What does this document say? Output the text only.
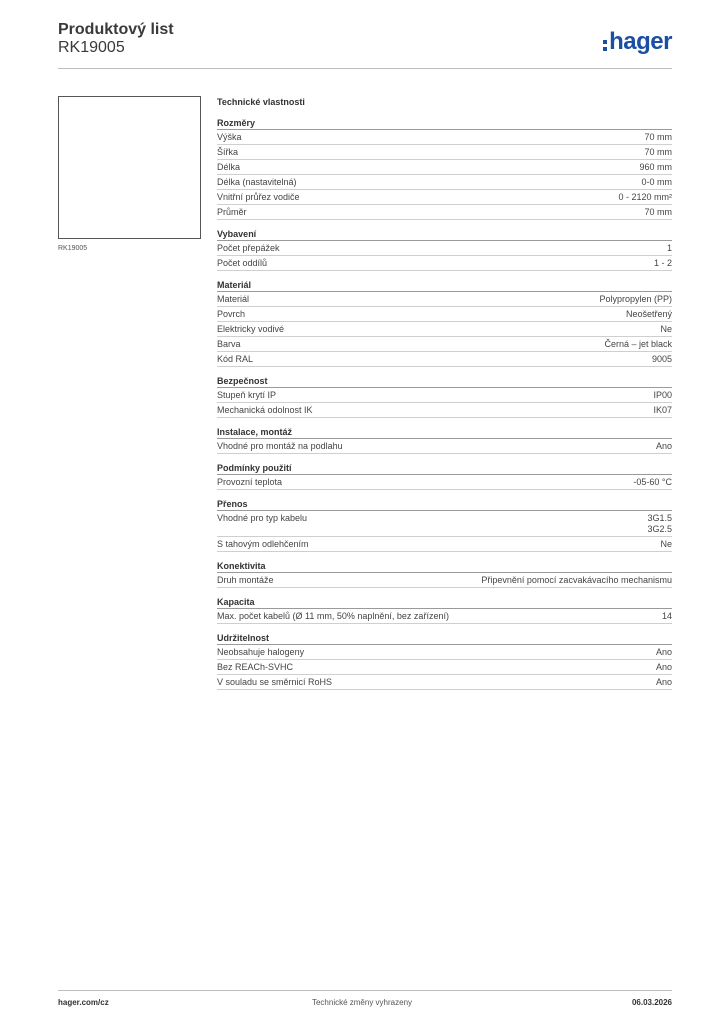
Produktový list
RK19005	hager
RK19005
Technické vlastnosti
Rozměry
Výška	70 mm
Šířka	70 mm
Délka	960 mm
Délka (nastavitelná)	0-0 mm
Vnitřní průřez vodiče	0 - 2120 mm²
Průměr	70 mm
Vybavení
Počet přepážek	1
Počet oddílů	1 - 2
Materiál
Materiál	Polypropylen (PP)
Povrch	Neošetřený
Elektricky vodivé	Ne
Barva	Černá – jet black
Kód RAL	9005
Bezpečnost
Stupeň krytí IP	IP00
Mechanická odolnost IK	IK07
Instalace, montáž
Vhodné pro montáž na podlahu	Ano
Podmínky použití
Provozní teplota	-05-60 °C
Přenos
Vhodné pro typ kabelu	3G1.5
3G2.5
S tahovým odlehčením	Ne
Konektivita
Druh montáže	Připevnění pomocí zacvakávacího mechanismu
Kapacita
Max. počet kabelů (Ø 11 mm, 50% naplnění, bez zařízení)	14
Udržitelnost
Neobsahuje halogeny	Ano
Bez REACh-SVHC	Ano
V souladu se směrnicí RoHS	Ano
hager.com/cz	Technické změny vyhrazeny	06.03.2026
